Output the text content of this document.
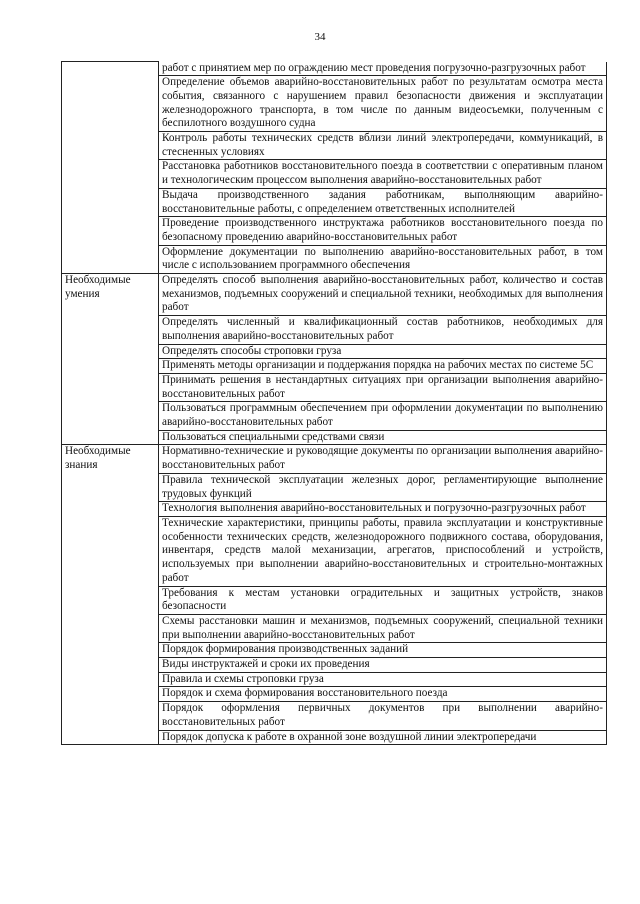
34
	работ с принятием мер по ограждению мест проведения погрузочно-разгрузочных работ
	Определение объемов аварийно-восстановительных работ по результатам осмотра места события, связанного с нарушением правил безопасности движения и эксплуатации железнодорожного транспорта, в том числе по данным видеосъемки, полученным с беспилотного воздушного судна
	Контроль работы технических средств вблизи линий электропередачи, коммуникаций, в стесненных условиях
	Расстановка работников восстановительного поезда в соответствии с оперативным планом и технологическим процессом выполнения аварийно-восстановительных работ
	Выдача производственного задания работникам, выполняющим аварийно-восстановительные работы, с определением ответственных исполнителей
	Проведение производственного инструктажа работников восстановительного поезда по безопасному проведению аварийно-восстановительных работ
	Оформление документации по выполнению аварийно-восстановительных работ, в том числе с использованием программного обеспечения
Необходимые умения	Определять способ выполнения аварийно-восстановительных работ, количество и состав механизмов, подъемных сооружений и специальной техники, необходимых для выполнения работ
	Определять численный и квалификационный состав работников, необходимых для выполнения аварийно-восстановительных работ
	Определять способы строповки груза
	Применять методы организации и поддержания порядка на рабочих местах по системе 5С
	Принимать решения в нестандартных ситуациях при организации выполнения аварийно-восстановительных работ
	Пользоваться программным обеспечением при оформлении документации по выполнению аварийно-восстановительных работ
	Пользоваться специальными средствами связи
Необходимые знания	Нормативно-технические и руководящие документы по организации выполнения аварийно-восстановительных работ
	Правила технической эксплуатации железных дорог, регламентирующие выполнение трудовых функций
	Технология выполнения аварийно-восстановительных и погрузочно-разгрузочных работ
	Технические характеристики, принципы работы, правила эксплуатации и конструктивные особенности технических средств, железнодорожного подвижного состава, оборудования, инвентаря, средств малой механизации, агрегатов, приспособлений и устройств, используемых при выполнении аварийно-восстановительных и строительно-монтажных работ
	Требования к местам установки оградительных и защитных устройств, знаков безопасности
	Схемы расстановки машин и механизмов, подъемных сооружений, специальной техники при выполнении аварийно-восстановительных работ
	Порядок формирования производственных заданий
	Виды инструктажей и сроки их проведения
	Правила и схемы строповки груза
	Порядок и схема формирования восстановительного поезда
	Порядок оформления первичных документов при выполнении аварийно-восстановительных работ
	Порядок допуска к работе в охранной зоне воздушной линии электропередачи
